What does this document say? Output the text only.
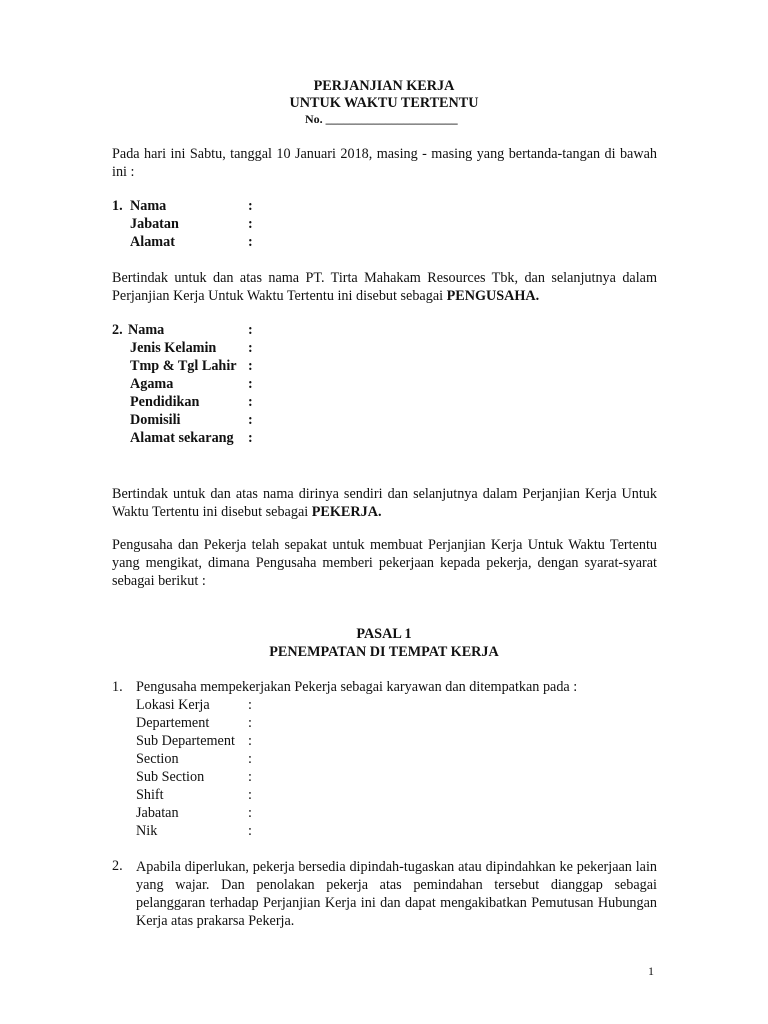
PERJANJIAN KERJA
UNTUK WAKTU TERTENTU
No. ______________________
Pada hari ini Sabtu, tanggal 10 Januari 2018, masing - masing yang bertanda-tangan di bawah ini :
1. Nama	:
Jabatan	:
Alamat	:
Bertindak untuk dan atas nama PT. Tirta Mahakam Resources Tbk, dan selanjutnya dalam Perjanjian Kerja Untuk Waktu Tertentu ini disebut sebagai PENGUSAHA.
2. Nama	:
Jenis Kelamin :
Tmp & Tgl Lahir :
Agama	:
Pendidikan	:
Domisili	:
Alamat sekarang :
Bertindak untuk dan atas nama dirinya sendiri dan selanjutnya dalam Perjanjian Kerja Untuk Waktu Tertentu ini disebut sebagai PEKERJA.
Pengusaha dan Pekerja telah sepakat untuk membuat Perjanjian Kerja Untuk Waktu Tertentu yang mengikat, dimana Pengusaha memberi pekerjaan kepada pekerja, dengan syarat-syarat sebagai berikut :
PASAL 1
PENEMPATAN DI TEMPAT KERJA
1. Pengusaha mempekerjakan Pekerja sebagai karyawan dan ditempatkan pada :
Lokasi Kerja	:
Departement	:
Sub Departement :
Section	:
Sub Section	:
Shift	:
Jabatan	:
Nik	:
2. Apabila diperlukan, pekerja bersedia dipindah-tugaskan atau dipindahkan ke pekerjaan lain yang wajar. Dan penolakan pekerja atas pemindahan tersebut dianggap sebagai pelanggaran terhadap Perjanjian Kerja ini dan dapat mengakibatkan Pemutusan Hubungan Kerja atas prakarsa Pekerja.
1
